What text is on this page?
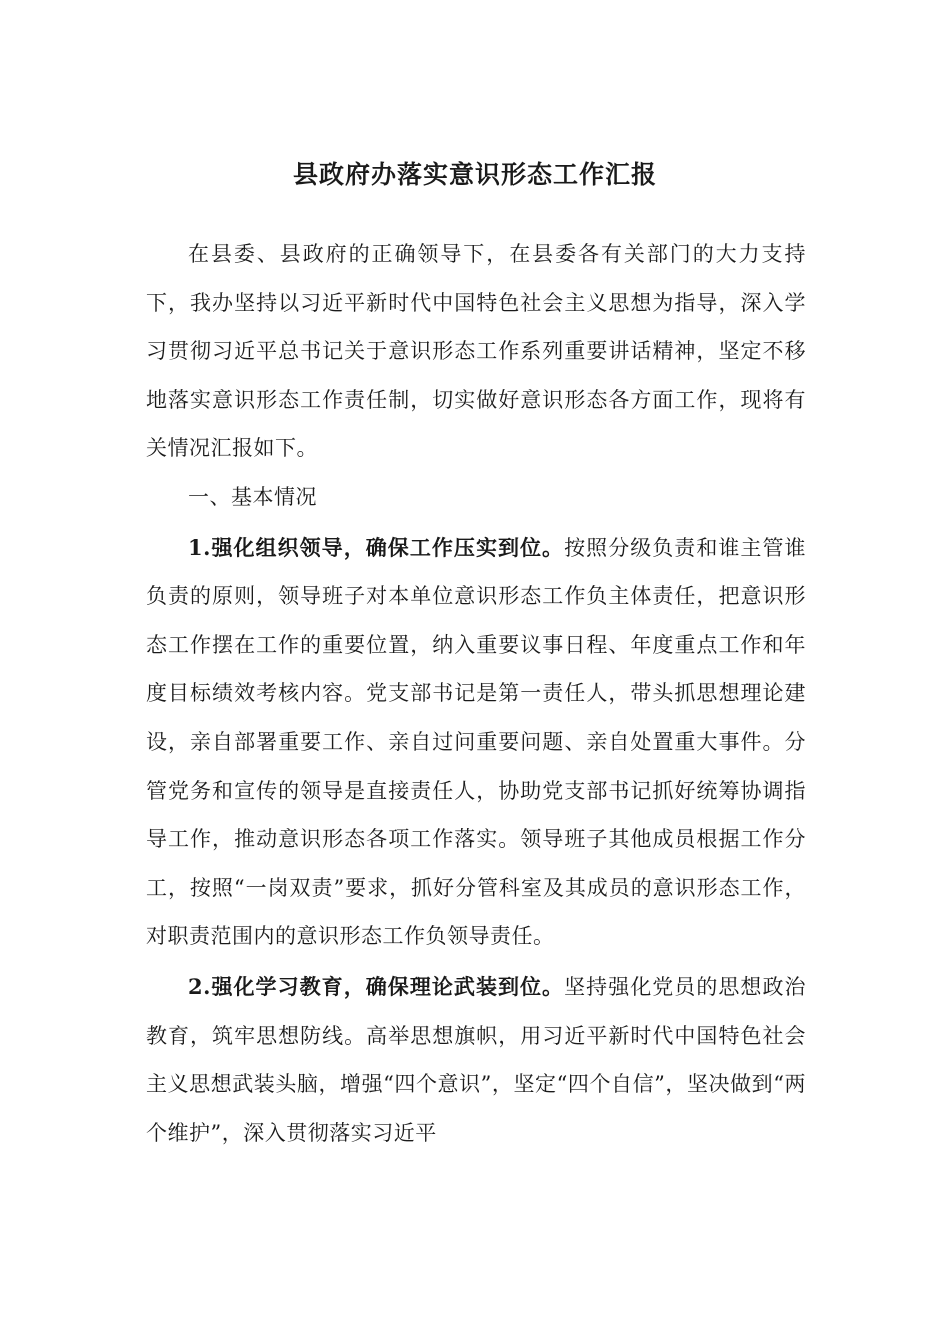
县政府办落实意识形态工作汇报

在县委、县政府的正确领导下，在县委各有关部门的大力支持下，我办坚持以习近平新时代中国特色社会主义思想为指导，深入学习贯彻习近平总书记关于意识形态工作系列重要讲话精神，坚定不移地落实意识形态工作责任制，切实做好意识形态各方面工作，现将有关情况汇报如下。

一、基本情况

1.强化组织领导，确保工作压实到位。按照分级负责和谁主管谁负责的原则，领导班子对本单位意识形态工作负主体责任，把意识形态工作摆在工作的重要位置，纳入重要议事日程、年度重点工作和年度目标绩效考核内容。党支部书记是第一责任人，带头抓思想理论建设，亲自部署重要工作、亲自过问重要问题、亲自处置重大事件。分管党务和宣传的领导是直接责任人，协助党支部书记抓好统筹协调指导工作，推动意识形态各项工作落实。领导班子其他成员根据工作分工，按照“一岗双责”要求，抓好分管科室及其成员的意识形态工作，对职责范围内的意识形态工作负领导责任。

2.强化学习教育，确保理论武装到位。坚持强化党员的思想政治教育，筑牢思想防线。高举思想旗帜，用习近平新时代中国特色社会主义思想武装头脑，增强“四个意识”，坚定“四个自信”，坚决做到“两个维护”，深入贯彻落实习近平
